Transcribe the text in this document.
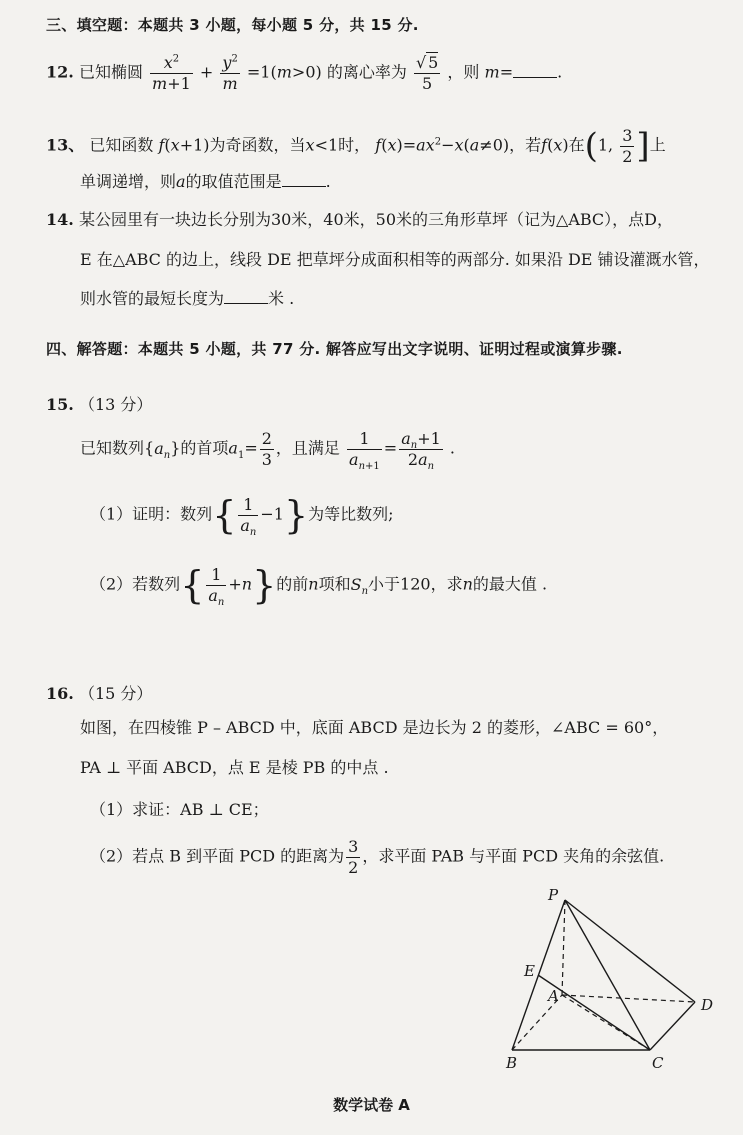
三、填空题：本题共 3 小题，每小题 5 分，共 15 分.
12. 已知椭圆 $\frac{x^2}{m+1} + \frac{y^2}{m} =1(m>0)$ 的离心率为 $\frac{√ 5}{5}$ ，则 m=	.
13、 已知函数 f(x+1)为奇函数，当x<1时， $f(x)=ax^2-x(a\ne 0)$，若f(x)在(1, $\frac{3}{2}$ ]上
单调递增，则a的取值范围是	.
14. 某公园里有一块边长分别为30米，40米，50米的三角形草坪（记为△ABC），点D，
E 在△ABC 的边上，线段 DE 把草坪分成面积相等的两部分. 如果沿 DE 铺设灌溉水管，
则水管的最短长度为	米 .
四、解答题：本题共 5 小题，共 77 分. 解答应写出文字说明、证明过程或演算步骤.
15. （13 分）
已知数列$\{a_n\}$的首项$a_1= \frac{2}{3}$ ，且满足 $\frac{1}{a_{n+1}} = \frac{a_n+1}{2a_n}$ .
（1）证明：数列{ $\frac{1}{a_n} -1$}为等比数列;
（2）若数列{ $\frac{1}{a_n} +n$}的前n项和$S_n$小于120，求n的最大值 .
16. （15 分）
如图，在四棱锥 P – ABCD 中，底面 ABCD 是边长为 2 的菱形，∠ABC = 60°，
PA ⊥ 平面 ABCD，点 E 是棱 PB 的中点 .
（1）求证：AB ⊥ CE；
（2）若点 B 到平面 PCD 的距离为 $\frac{3}{2}$ ，求平面 PAB 与平面 PCD 夹角的余弦值.
P
E
A
B	C
D
数学试卷 A
